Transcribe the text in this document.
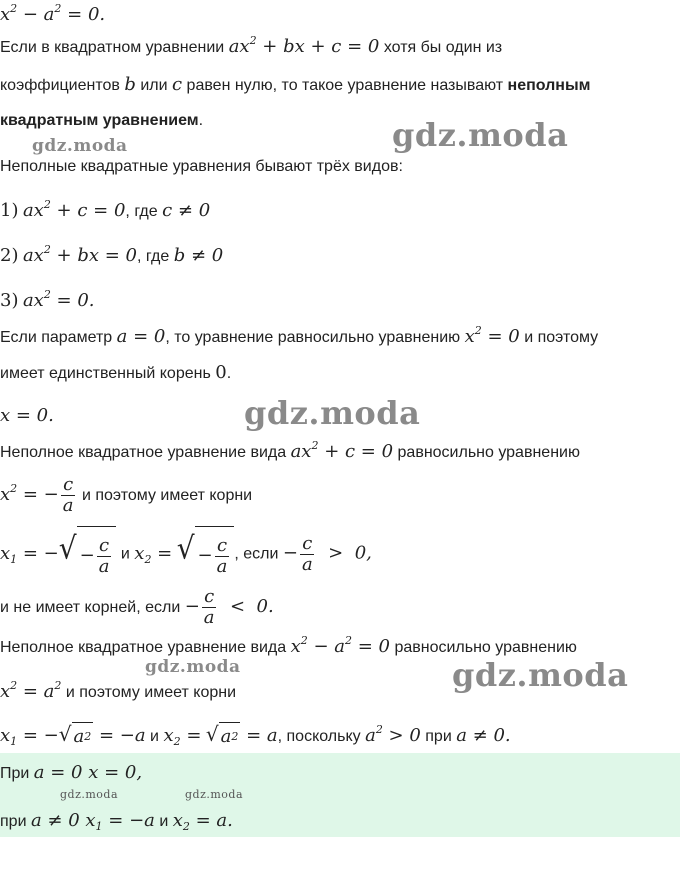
$x^2 - a^2 = 0$.
Если в квадратном уравнении $ax^2$ + bx + c = 0 хотя бы один из
коэффициентов b или c равен нулю, то такое уравнение называют неполным
квадратным уравнением.	gdz.moda
gdz.moda
Неполные квадратные уравнения бывают трёх видов:
1) $ax^2 + c = 0$, где c ≠ 0
2) $ax^2$ + bx = 0, где b ≠ 0
3) $ax^2 = 0$.
Если параметр a = 0, то уравнение равносильно уравнению $x^2 = 0$ и поэтому
имеет единственный корень 0.
x = 0.	gdz.moda
Неполное квадратное уравнение вида $ax^2 + c = 0$ равносильно уравнению
$x^2$ = − $\frac{c}{a}$ и поэтому имеет корни
$x_1$ = − √ − $\frac{c}{a}$ и $x_2$ = √ − $\frac{c}{a}$ , если − $\frac{c}{a} > 0$,
и не имеет корней, если − $\frac{c}{a} < 0$.
Неполное квадратное уравнение вида $x^2 - a^2 = 0$ равносильно уравнению
gdz.moda	gdz.moda
$x^2 = a^2$ и поэтому имеет корни
$x_1$ = − √ a 2 = −a и $x_2$ = √ a 2 = a, поскольку $a^2 > 0$ при a ≠ 0.
При a = 0 x = 0,
gdz.moda	gdz.moda
при a ≠ 0 $x_1 = -a$ и $x_2 = a$.
